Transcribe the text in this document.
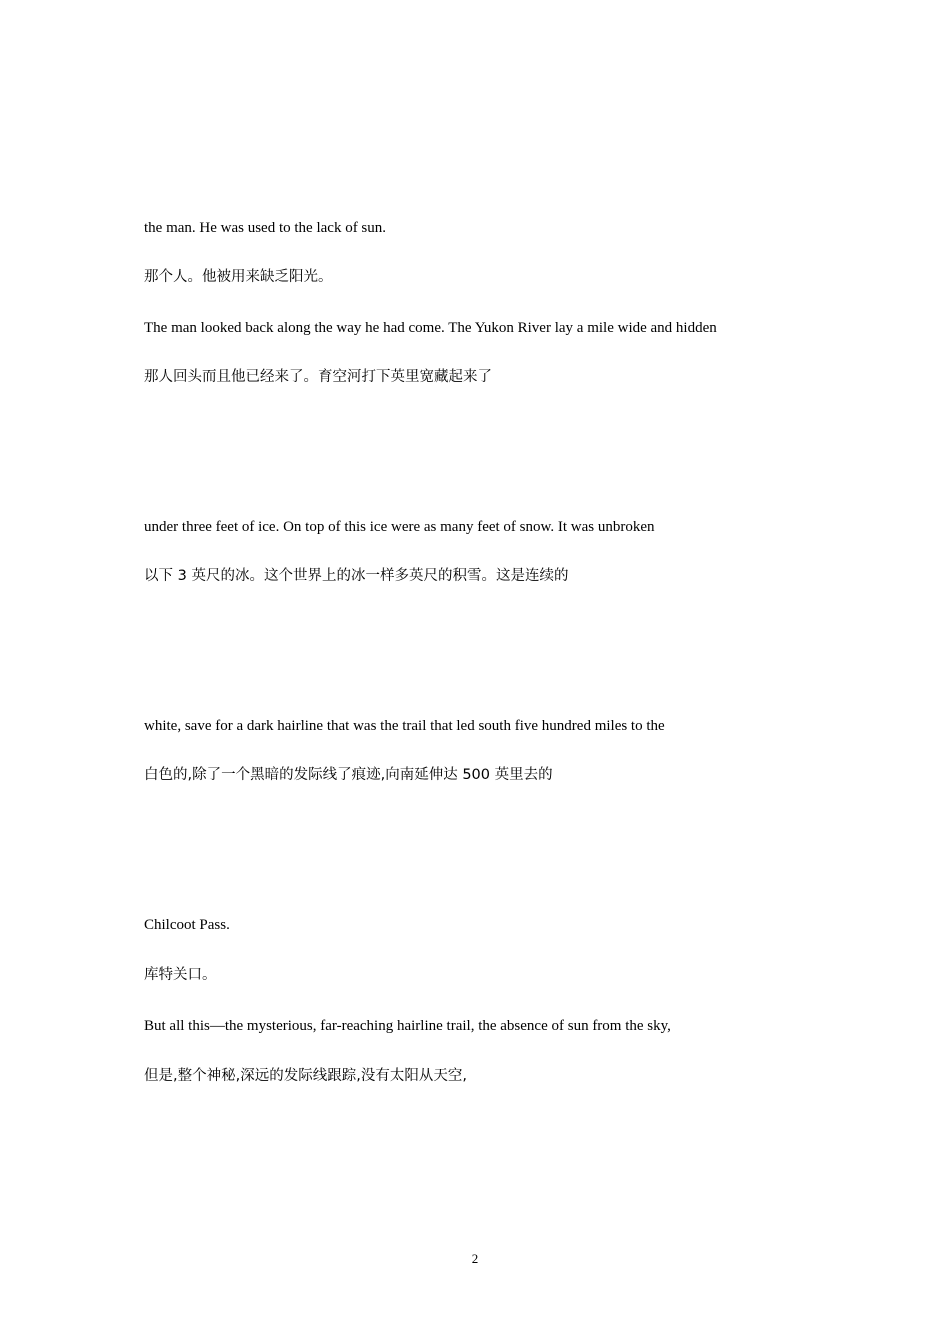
the man. He was used to the lack of sun.

那个人。他被用来缺乏阳光。

The man looked back along the way he had come. The Yukon River lay a mile wide and hidden

那人回头而且他已经来了。育空河打下英里宽藏起来了

under three feet of ice. On top of this ice were as many feet of snow. It was unbroken

以下 3 英尺的冰。这个世界上的冰一样多英尺的积雪。这是连续的

white, save for a dark hairline that was the trail that led south five hundred miles to the

白色的,除了一个黑暗的发际线了痕迹,向南延伸达 500 英里去的

Chilcoot Pass.

库特关口。

But all this—the mysterious, far-reaching hairline trail, the absence of sun from the sky,

但是,整个神秘,深远的发际线跟踪,没有太阳从天空,

2
